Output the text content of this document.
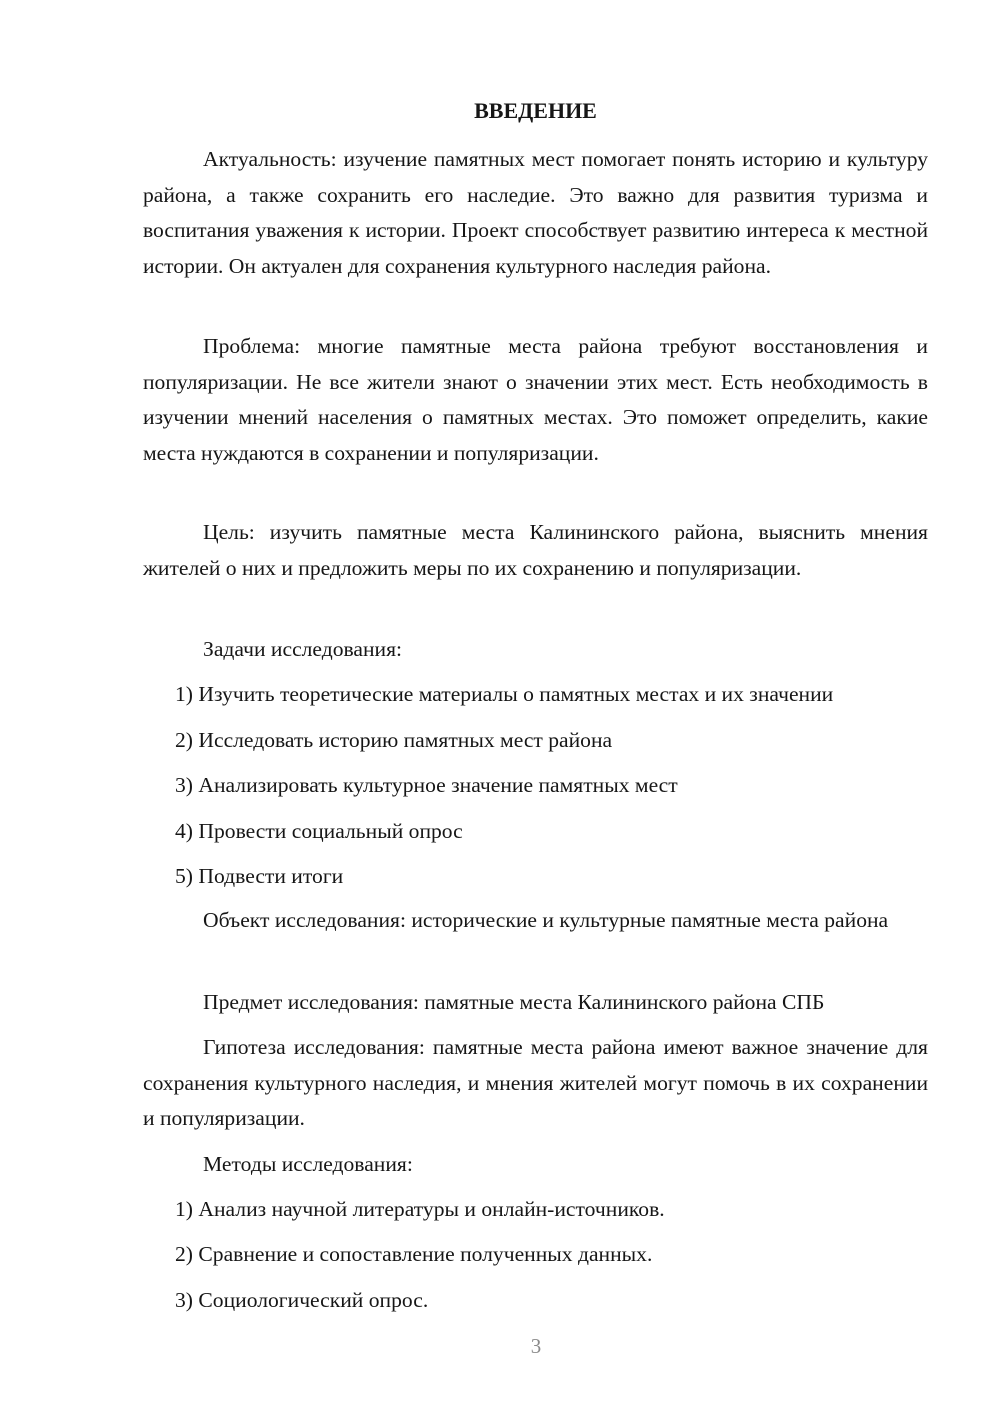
ВВЕДЕНИЕ

Актуальность: изучение памятных мест помогает понять историю и культуру района, а также сохранить его наследие. Это важно для развития туризма и воспитания уважения к истории. Проект способствует развитию интереса к местной истории. Он актуален для сохранения культурного наследия района.

Проблема: многие памятные места района требуют восстановления и популяризации. Не все жители знают о значении этих мест. Есть необходимость в изучении мнений населения о памятных местах. Это поможет определить, какие места нуждаются в сохранении и популяризации.

Цель: изучить памятные места Калининского района, выяснить мнения жителей о них и предложить меры по их сохранению и популяризации.

Задачи исследования:
1) Изучить теоретические материалы о памятных местах и их значении
2) Исследовать историю памятных мест района
3) Анализировать культурное значение памятных мест
4) Провести социальный опрос
5) Подвести итоги

Объект исследования: исторические и культурные памятные места района

Предмет исследования: памятные места Калининского района СПБ

Гипотеза исследования: памятные места района имеют важное значение для сохранения культурного наследия, и мнения жителей могут помочь в их сохранении и популяризации.

Методы исследования:
1) Анализ научной литературы и онлайн-источников.
2) Сравнение и сопоставление полученных данных.
3) Социологический опрос.
3
